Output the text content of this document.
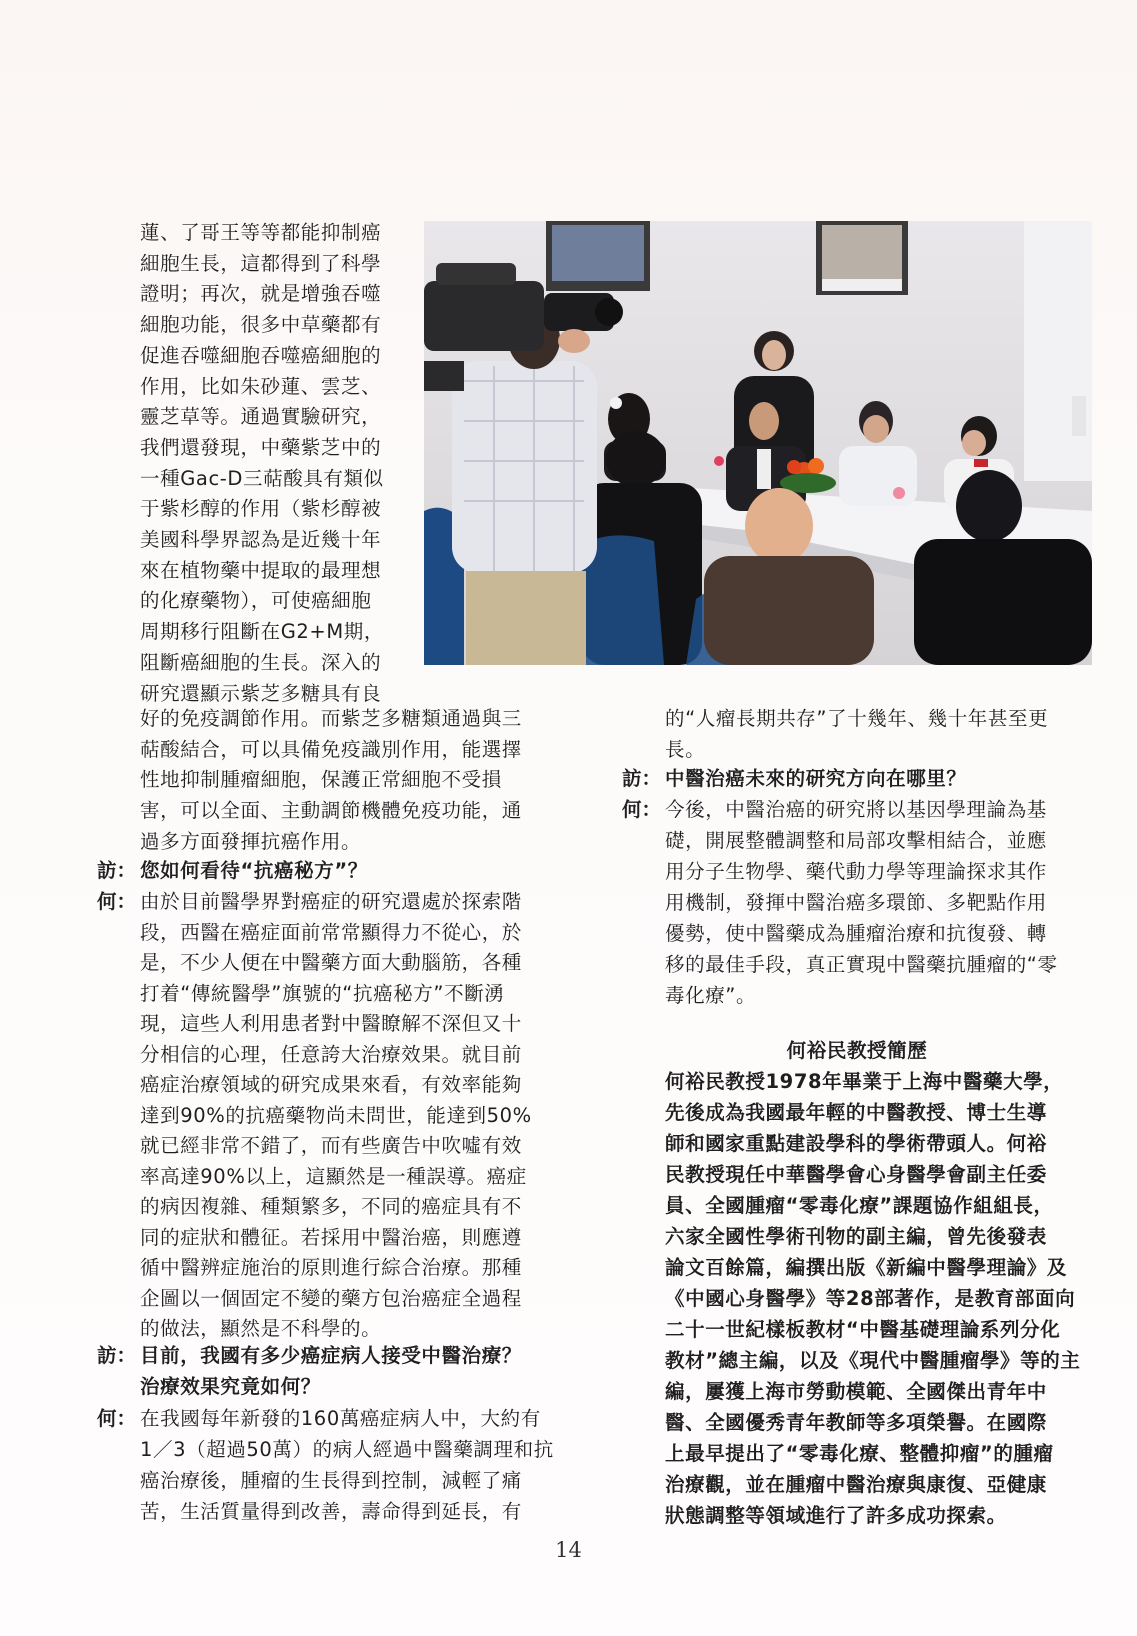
蓮、了哥王等等都能抑制癌
細胞生長，這都得到了科學
證明；再次，就是增強吞噬
細胞功能，很多中草藥都有
促進吞噬細胞吞噬癌細胞的
作用，比如朱砂蓮、雲芝、
靈芝草等。通過實驗研究，
我們還發現，中藥紫芝中的
一種Gac-D三萜酸具有類似
于紫杉醇的作用（紫杉醇被
美國科學界認為是近幾十年
來在植物藥中提取的最理想
的化療藥物），可使癌細胞
周期移行阻斷在G2+M期，
阻斷癌細胞的生長。深入的
研究還顯示紫芝多糖具有良
好的免疫調節作用。而紫芝多糖類通過與三
萜酸結合，可以具備免疫識別作用，能選擇
性地抑制腫瘤細胞，保護正常細胞不受損
害，可以全面、主動調節機體免疫功能，通
過多方面發揮抗癌作用。
訪： 您如何看待“抗癌秘方”？
何： 由於目前醫學界對癌症的研究還處於探索階
段，西醫在癌症面前常常顯得力不從心，於
是，不少人便在中醫藥方面大動腦筋，各種
打着“傳統醫學”旗號的“抗癌秘方”不斷湧
現，這些人利用患者對中醫瞭解不深但又十
分相信的心理，任意誇大治療效果。就目前
癌症治療領域的研究成果來看，有效率能夠
達到90%的抗癌藥物尚未問世，能達到50%
就已經非常不錯了，而有些廣告中吹噓有效
率高達90%以上，這顯然是一種誤導。癌症
的病因複雜、種類繁多，不同的癌症具有不
同的症狀和體征。若採用中醫治癌，則應遵
循中醫辨症施治的原則進行綜合治療。那種
企圖以一個固定不變的藥方包治癌症全過程
的做法，顯然是不科學的。
訪： 目前，我國有多少癌症病人接受中醫治療？
治療效果究竟如何？
何： 在我國每年新發的160萬癌症病人中，大約有
1／3（超過50萬）的病人經過中醫藥調理和抗
癌治療後，腫瘤的生長得到控制，減輕了痛
苦，生活質量得到改善，壽命得到延長，有
的“人瘤長期共存”了十幾年、幾十年甚至更
長。
訪： 中醫治癌未來的研究方向在哪里？
何： 今後，中醫治癌的研究將以基因學理論為基
礎，開展整體調整和局部攻擊相結合，並應
用分子生物學、藥代動力學等理論探求其作
用機制，發揮中醫治癌多環節、多靶點作用
優勢，使中醫藥成為腫瘤治療和抗復發、轉
移的最佳手段，真正實現中醫藥抗腫瘤的“零
毒化療”。
何裕民教授簡歷
何裕民教授1978年畢業于上海中醫藥大學，
先後成為我國最年輕的中醫教授、博士生導
師和國家重點建設學科的學術帶頭人。何裕
民教授現任中華醫學會心身醫學會副主任委
員、全國腫瘤“零毒化療”課題協作組組長，
六家全國性學術刊物的副主編，曾先後發表
論文百餘篇，編撰出版《新編中醫學理論》及
《中國心身醫學》等28部著作，是教育部面向
二十一世紀樣板教材“中醫基礎理論系列分化
教材”總主編，以及《現代中醫腫瘤學》等的主
編，屢獲上海市勞動模範、全國傑出青年中
醫、全國優秀青年教師等多項榮譽。在國際
上最早提出了“零毒化療、整體抑瘤”的腫瘤
治療觀，並在腫瘤中醫治療與康復、亞健康
狀態調整等領域進行了許多成功探索。
14
